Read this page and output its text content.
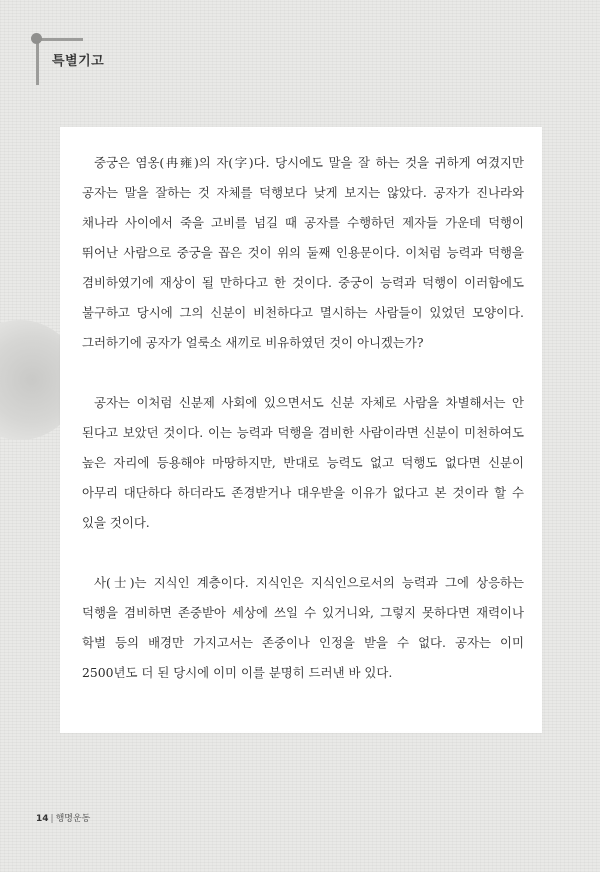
특별기고

중궁은 염옹(冉雍)의 자(字)다. 당시에도 말을 잘 하는 것을 귀하게 여겼지만 공자는 말을 잘하는 것 자체를 덕행보다 낮게 보지는 않았다. 공자가 진나라와 채나라 사이에서 죽을 고비를 넘길 때 공자를 수행하던 제자들 가운데 덕행이 뛰어난 사람으로 중궁을 꼽은 것이 위의 둘째 인용문이다. 이처럼 능력과 덕행을 겸비하였기에 재상이 될 만하다고 한 것이다. 중궁이 능력과 덕행이 이러함에도 불구하고 당시에 그의 신분이 비천하다고 멸시하는 사람들이 있었던 모양이다. 그러하기에 공자가 얼룩소 새끼로 비유하였던 것이 아니겠는가?

공자는 이처럼 신분제 사회에 있으면서도 신분 자체로 사람을 차별해서는 안 된다고 보았던 것이다. 이는 능력과 덕행을 겸비한 사람이라면 신분이 미천하여도 높은 자리에 등용해야 마땅하지만, 반대로 능력도 없고 덕행도 없다면 신분이 아무리 대단하다 하더라도 존경받거나 대우받을 이유가 없다고 본 것이라 할 수 있을 것이다.

사(士)는 지식인 계층이다. 지식인은 지식인으로서의 능력과 그에 상응하는 덕행을 겸비하면 존중받아 세상에 쓰일 수 있거니와, 그렇지 못하다면 재력이나 학벌 등의 배경만 가지고서는 존중이나 인정을 받을 수 없다. 공자는 이미 2500년도 더 된 당시에 이미 이를 분명히 드러낸 바 있다.

14 | 행명운동
